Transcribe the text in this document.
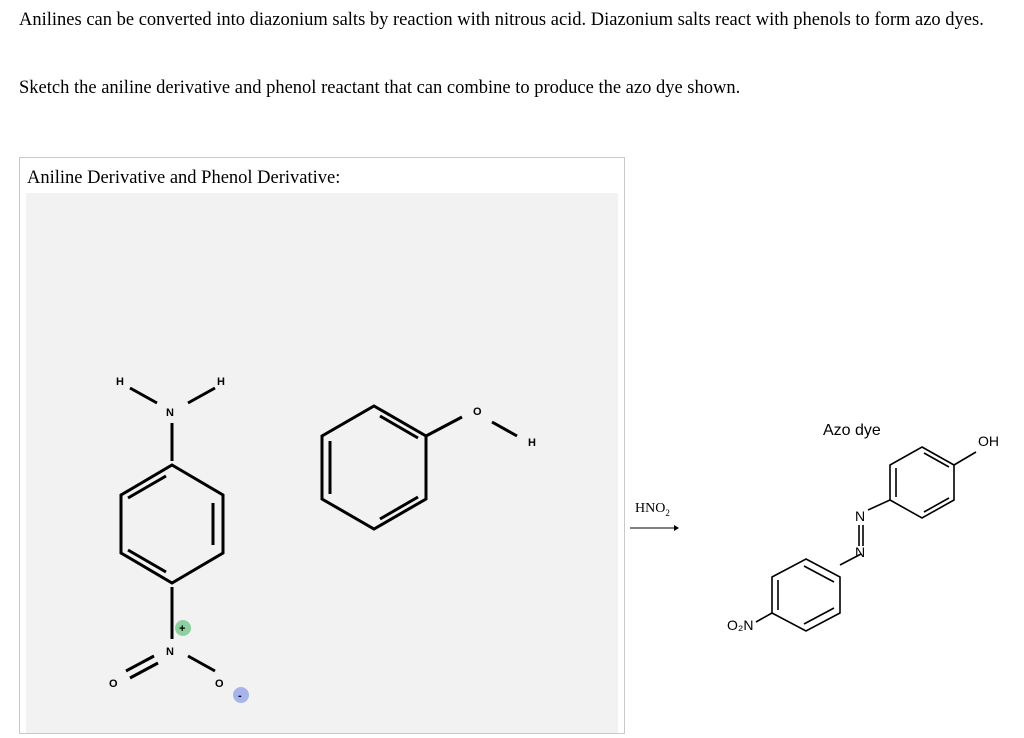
Anilines can be converted into diazonium salts by reaction with nitrous acid. Diazonium salts react with phenols to form azo dyes.
Sketch the aniline derivative and phenol reactant that can combine to produce the azo dye shown.
Aniline Derivative and Phenol Derivative:
H	H
N
N
+
O	O
-
O
H
$HNO_2$
Azo dye
OH
N
N
O₂N
